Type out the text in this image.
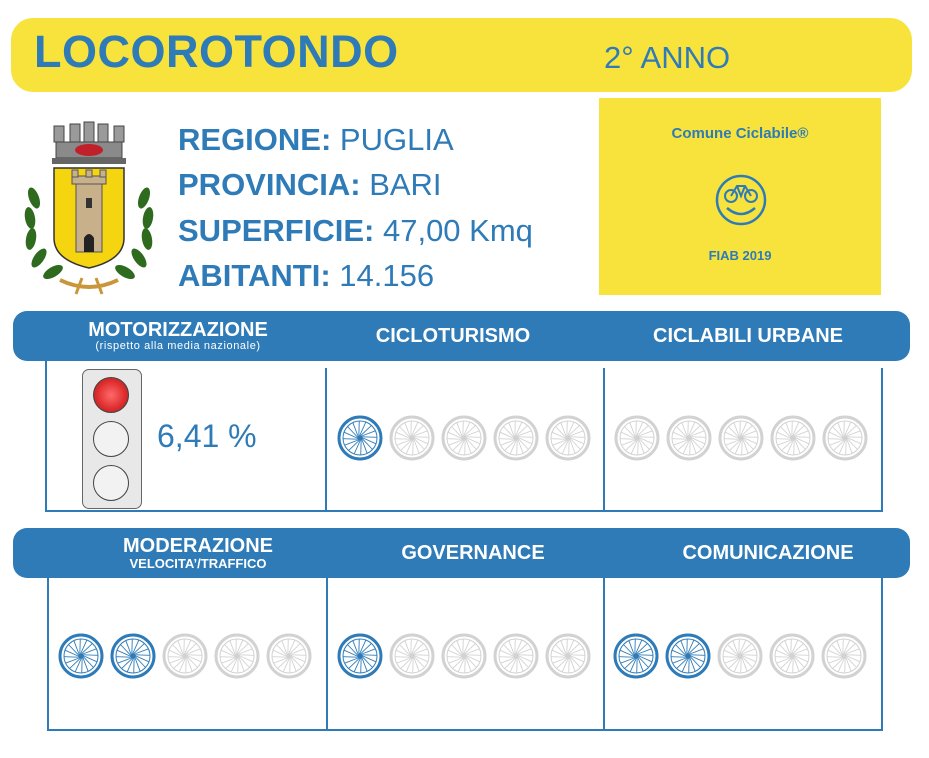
LOCOROTONDO	2° ANNO
REGIONE: PUGLIA
PROVINCIA: BARI
SUPERFICIE: 47,00 Kmq
ABITANTI: 14.156
Comune Ciclabile®
FIAB 2019
MOTORIZZAZIONE
(rispetto alla media nazionale)	CICLOTURISMO	CICLABILI URBANE
6,41 %
MODERAZIONE
VELOCITA’/TRAFFICO	GOVERNANCE	COMUNICAZIONE
